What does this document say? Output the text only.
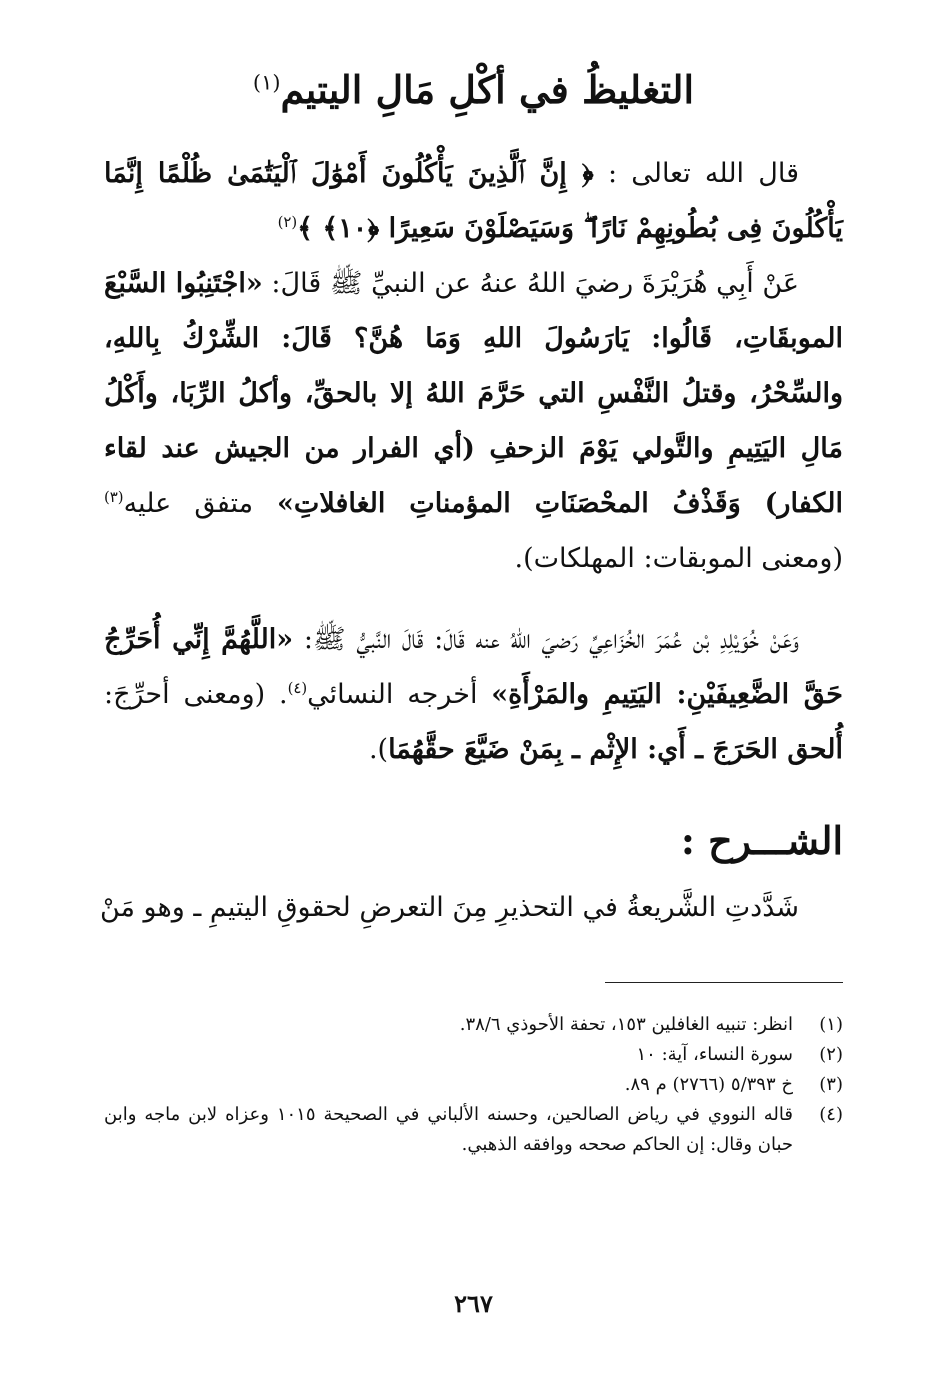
التغليظُ في أكْلِ مَالِ اليتيم$^{(١)}$

قال الله تعالى : ﴿ إِنَّ ٱلَّذِينَ يَأْكُلُونَ أَمْوَٰلَ ٱلْيَتَٰمَىٰ ظُلْمًا إِنَّمَا يَأْكُلُونَ فِى بُطُونِهِمْ نَارًا ۖ وَسَيَصْلَوْنَ سَعِيرًا ﴿١٠﴾ ﴾$^{(٢)}$

عَنْ أَبِي هُرَيْرَةَ رضيَ اللهُ عنهُ عن النبيِّ ﷺ قَالَ: «اجْتَنِبُوا السَّبْعَ الموبقَاتِ، قَالُوا: يَارَسُولَ اللهِ وَمَا هُنَّ؟ قَالَ: الشِّرْكُ بِاللهِ، والسِّحْرُ، وقتلُ النَّفْسِ التي حَرَّمَ اللهُ إلا بالحقِّ، وأكلُ الرِّبَا، وأَكْلُ مَالِ اليَتِيمِ والتَّولي يَوْمَ الزحفِ (أي الفرار من الجيش عند لقاء الكفار) وَقَذْفُ المحْصَنَاتِ المؤمناتِ الغافلاتِ» متفق عليه$^{(٣)}$ (ومعنى الموبقات: المهلكات).

وَعَنْ خُوَيْلِدِ بْن عُمَرَ الخُزَاعِيِّ رَضيَ اللهُ عنه قَالَ: قَالَ النَّبيُّ ﷺ: «اللَّهُمَّ إِنِّي أُحَرِّجُ حَقَّ الضَّعِيفَيْنِ: اليَتِيمِ والمَرْأَةِ» أخرجه النسائي$^{(٤)}$. (ومعنى أحرِّجَ: أُلحق الحَرَجَ ـ أَي: الإِثْم ـ بِمَنْ ضَيَّعَ حقَّهُمَا).

الشـــرح :
شَدَّدتِ الشَّريعةُ في التحذيرِ مِنَ التعرضِ لحقوقِ اليتيمِ ـ وهو مَنْ
(١)
انظر: تنبيه الغافلين ١٥٣، تحفة الأحوذي ٣٨/٦.
(٢)
سورة النساء، آية: ١٠
(٣)
خ ٥/٣٩٣ (٢٧٦٦) م ٨٩.
(٤)
قاله النووي في رياض الصالحين، وحسنه الألباني في الصحيحة ١٠١٥ وعزاه لابن ماجه وابن حبان وقال: إن الحاكم صححه ووافقه الذهبي.
٢٦٧
